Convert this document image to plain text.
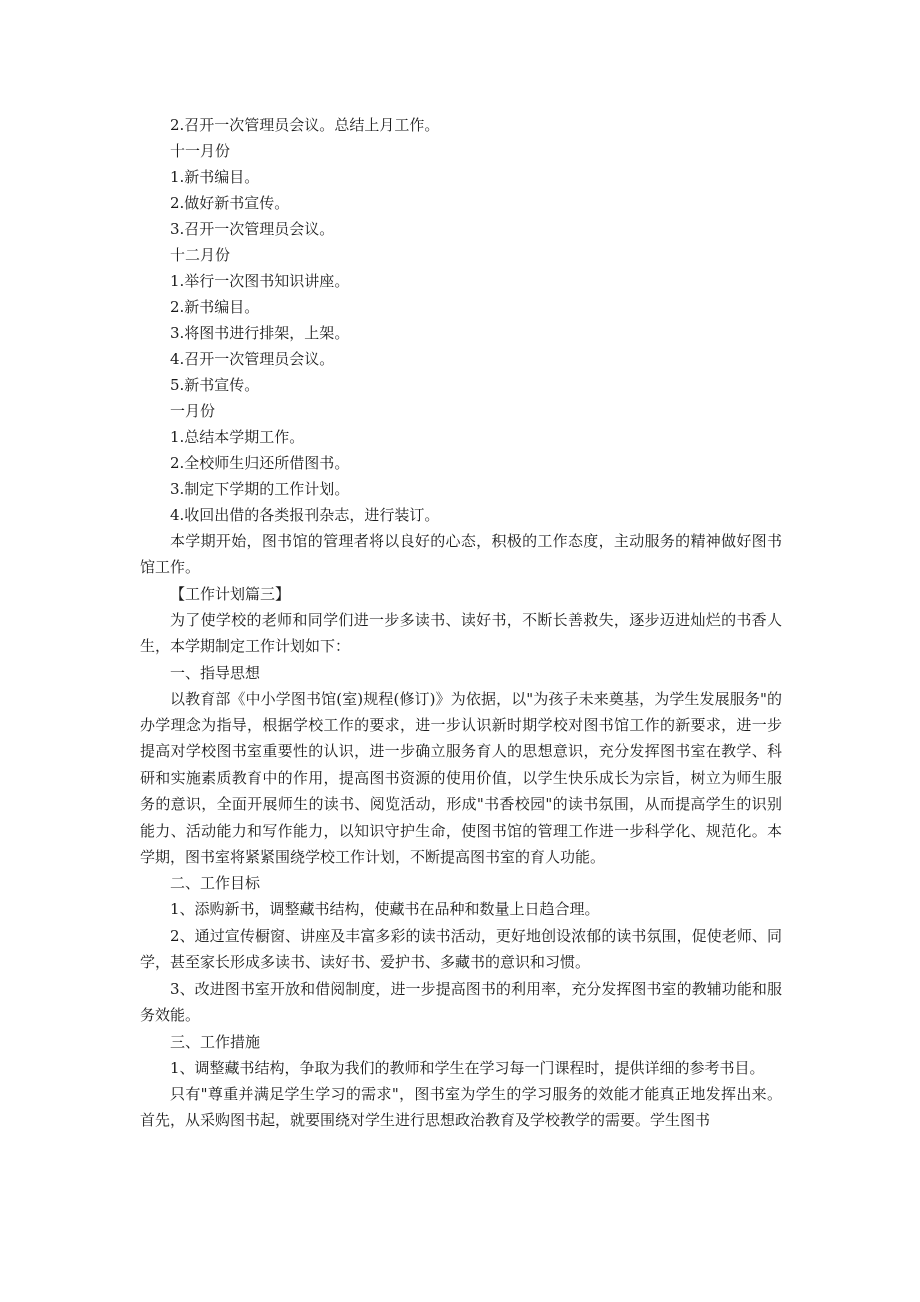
2.召开一次管理员会议。总结上月工作。
十一月份
1.新书编目。
2.做好新书宣传。
3.召开一次管理员会议。
十二月份
1.举行一次图书知识讲座。
2.新书编目。
3.将图书进行排架，上架。
4.召开一次管理员会议。
5.新书宣传。
一月份
1.总结本学期工作。
2.全校师生归还所借图书。
3.制定下学期的工作计划。
4.收回出借的各类报刊杂志，进行装订。

本学期开始，图书馆的管理者将以良好的心态，积极的工作态度，主动服务的精神做好图书馆工作。

【工作计划篇三】

为了使学校的老师和同学们进一步多读书、读好书，不断长善救失，逐步迈进灿烂的书香人生，本学期制定工作计划如下：

一、指导思想

以教育部《中小学图书馆(室)规程(修订)》为依据，以"为孩子未来奠基，为学生发展服务"的办学理念为指导，根据学校工作的要求，进一步认识新时期学校对图书馆工作的新要求，进一步提高对学校图书室重要性的认识，进一步确立服务育人的思想意识，充分发挥图书室在教学、科研和实施素质教育中的作用，提高图书资源的使用价值，以学生快乐成长为宗旨，树立为师生服务的意识，全面开展师生的读书、阅览活动，形成"书香校园"的读书氛围，从而提高学生的识别能力、活动能力和写作能力，以知识守护生命，使图书馆的管理工作进一步科学化、规范化。本学期，图书室将紧紧围绕学校工作计划，不断提高图书室的育人功能。

二、工作目标

1、添购新书，调整藏书结构，使藏书在品种和数量上日趋合理。

2、通过宣传橱窗、讲座及丰富多彩的读书活动，更好地创设浓郁的读书氛围，促使老师、同学，甚至家长形成多读书、读好书、爱护书、多藏书的意识和习惯。

3、改进图书室开放和借阅制度，进一步提高图书的利用率，充分发挥图书室的教辅功能和服务效能。

三、工作措施

1、调整藏书结构，争取为我们的教师和学生在学习每一门课程时，提供详细的参考书目。

只有"尊重并满足学生学习的需求"，图书室为学生的学习服务的效能才能真正地发挥出来。首先，从采购图书起，就要围绕对学生进行思想政治教育及学校教学的需要。学生图书
